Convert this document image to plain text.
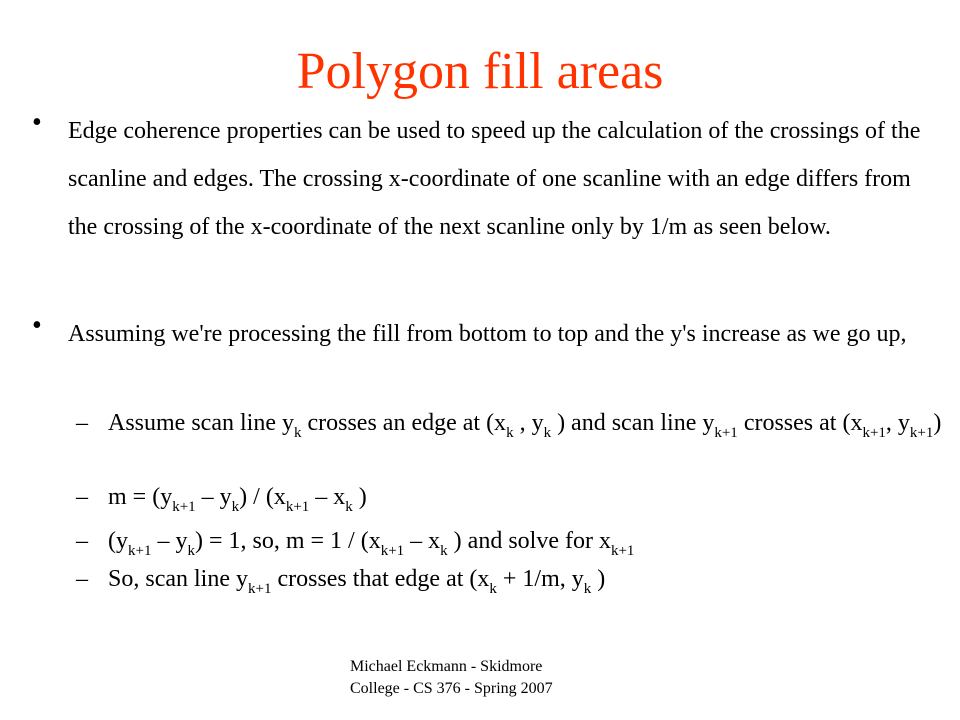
Polygon fill areas
• Edge coherence properties can be used to speed up the calculation of the crossings of the scanline and edges. The crossing x-coordinate of one scanline with an edge differs from the crossing of the x-coordinate of the next scanline only by 1/m as seen below.
• Assuming we're processing the fill from bottom to top and the y's increase as we go up,
– Assume scan line $y_k$ crosses an edge at ($x_k$ , $y_k$ ) and scan line $y_{k+1}$ crosses at ($x_{k+1}$, $y_{k+1}$)
– $m = (y_{k+1} - y_k) / (x_{k+1} - x_k$ )
– $(y_{k+1} - y_k) = 1$, so, $m = 1 / (x_{k+1} - x_k$ ) and solve for $x_{k+1}$
– So, scan line $y_{k+1}$ crosses that edge at ($x_k + 1/m$, $y_k$ )
Michael Eckmann - Skidmore
College - CS 376 - Spring 2007
